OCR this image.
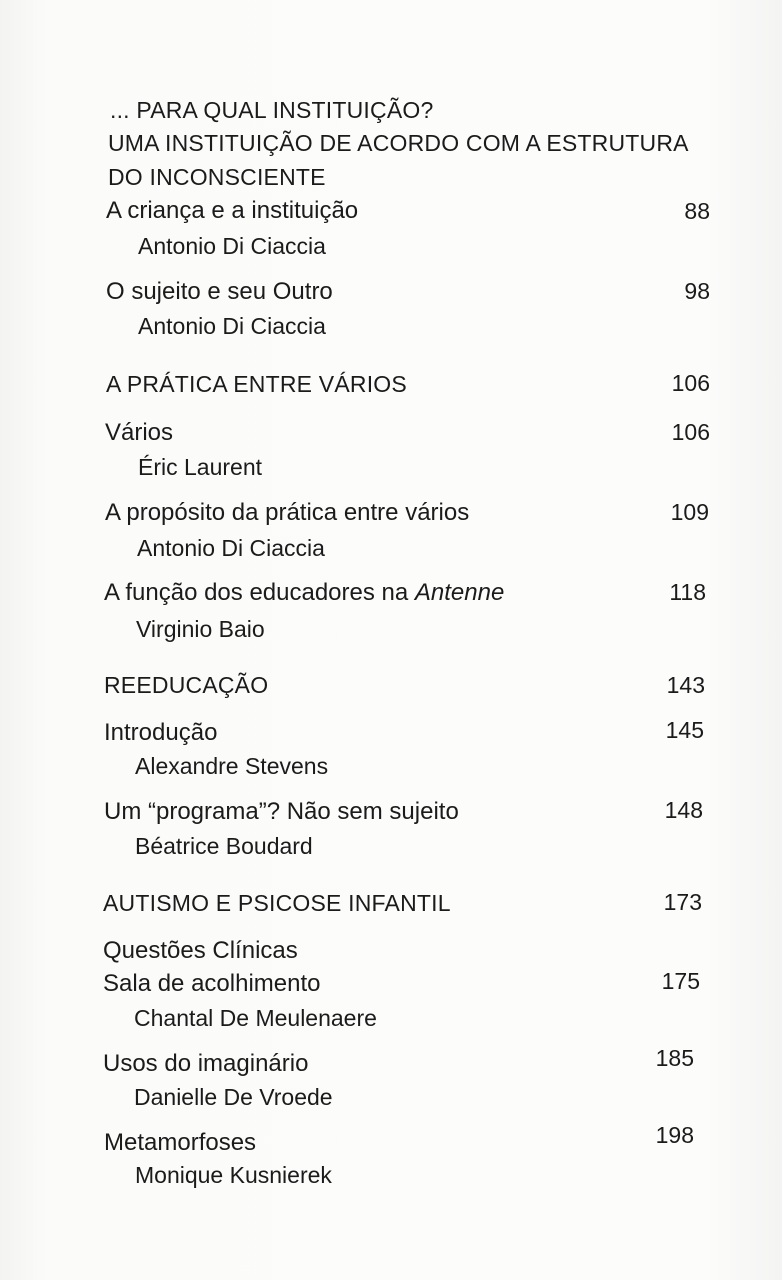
... PARA QUAL INSTITUIÇÃO?
UMA INSTITUIÇÃO DE ACORDO COM A ESTRUTURA
DO INCONSCIENTE
A criança e a instituição	88
Antonio Di Ciaccia
O sujeito e seu Outro	98
Antonio Di Ciaccia
A PRÁTICA ENTRE VÁRIOS	106
Vários	106
Éric Laurent
A propósito da prática entre vários	109
Antonio Di Ciaccia
A função dos educadores na Antenne	118
Virginio Baio
REEDUCAÇÃO	143
Introdução	145
Alexandre Stevens
Um “programa”? Não sem sujeito	148
Béatrice Boudard
AUTISMO E PSICOSE INFANTIL	173
Questões Clínicas
Sala de acolhimento	175
Chantal De Meulenaere
Usos do imaginário	185
Danielle De Vroede
Metamorfoses	198
Monique Kusnierek
